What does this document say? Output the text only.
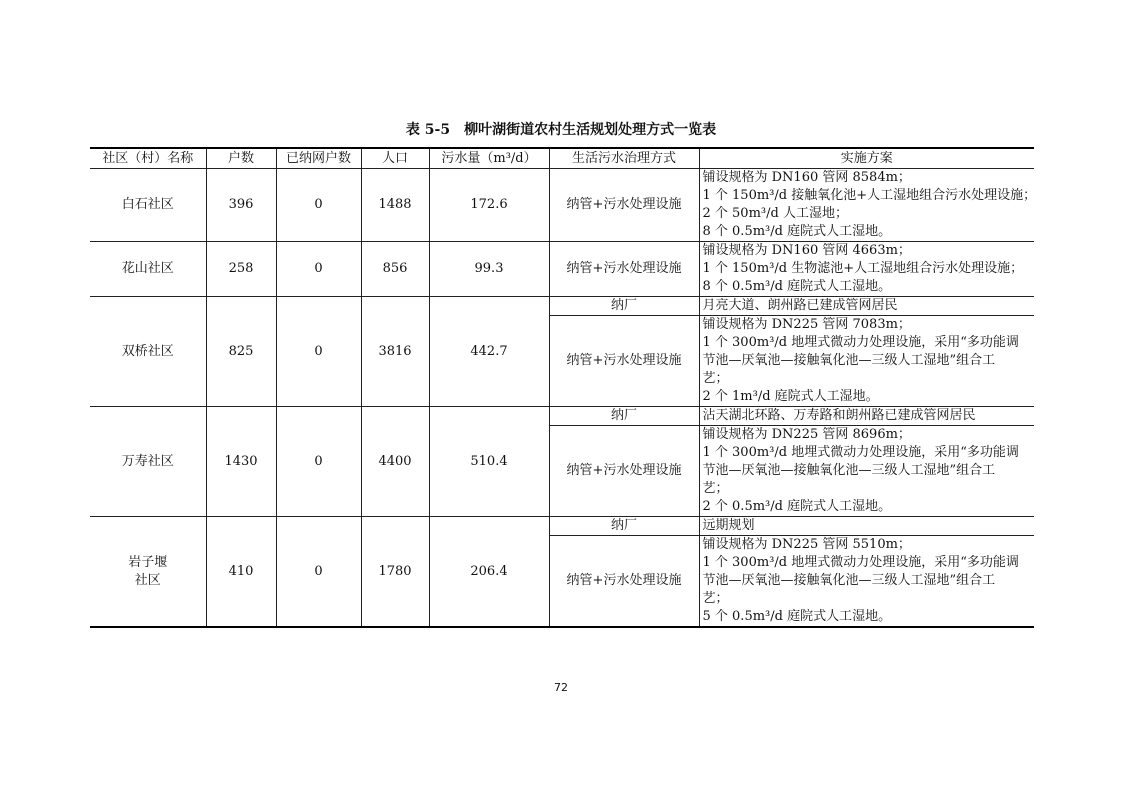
表 5-5　柳叶湖街道农村生活规划处理方式一览表
社区（村）名称	户数	已纳网户数	人口	污水量（m³/d）	生活污水治理方式	实施方案
白石社区	396	0	1488	172.6	纳管+污水处理设施	铺设规格为 DN160 管网 8584m；
1 个 150m³/d 接触氧化池+人工湿地组合污水处理设施；
2 个 50m³/d 人工湿地；
8 个 0.5m³/d 庭院式人工湿地。

花山社区	258	0	856	99.3	纳管+污水处理设施	铺设规格为 DN160 管网 4663m；
1 个 150m³/d 生物滤池+人工湿地组合污水处理设施；
8 个 0.5m³/d 庭院式人工湿地。

双桥社区	825	0	3816	442.7	纳厂	月亮大道、朗州路已建成管网居民
					纳管+污水处理设施	铺设规格为 DN225 管网 7083m；
1 个 300m³/d 地埋式微动力处理设施，采用“多功能调
节池—厌氧池—接触氧化池—三级人工湿地”组合工
艺；
2 个 1m³/d 庭院式人工湿地。

万寿社区	1430	0	4400	510.4	纳厂	沾天湖北环路、万寿路和朗州路已建成管网居民
					纳管+污水处理设施	铺设规格为 DN225 管网 8696m；
1 个 300m³/d 地埋式微动力处理设施，采用“多功能调
节池—厌氧池—接触氧化池—三级人工湿地”组合工
艺；
2 个 0.5m³/d 庭院式人工湿地。

岩子堰
社区	410	0	1780	206.4	纳厂	远期规划
					纳管+污水处理设施	铺设规格为 DN225 管网 5510m；
1 个 300m³/d 地埋式微动力处理设施，采用“多功能调
节池—厌氧池—接触氧化池—三级人工湿地”组合工
艺；
5 个 0.5m³/d 庭院式人工湿地。
72
